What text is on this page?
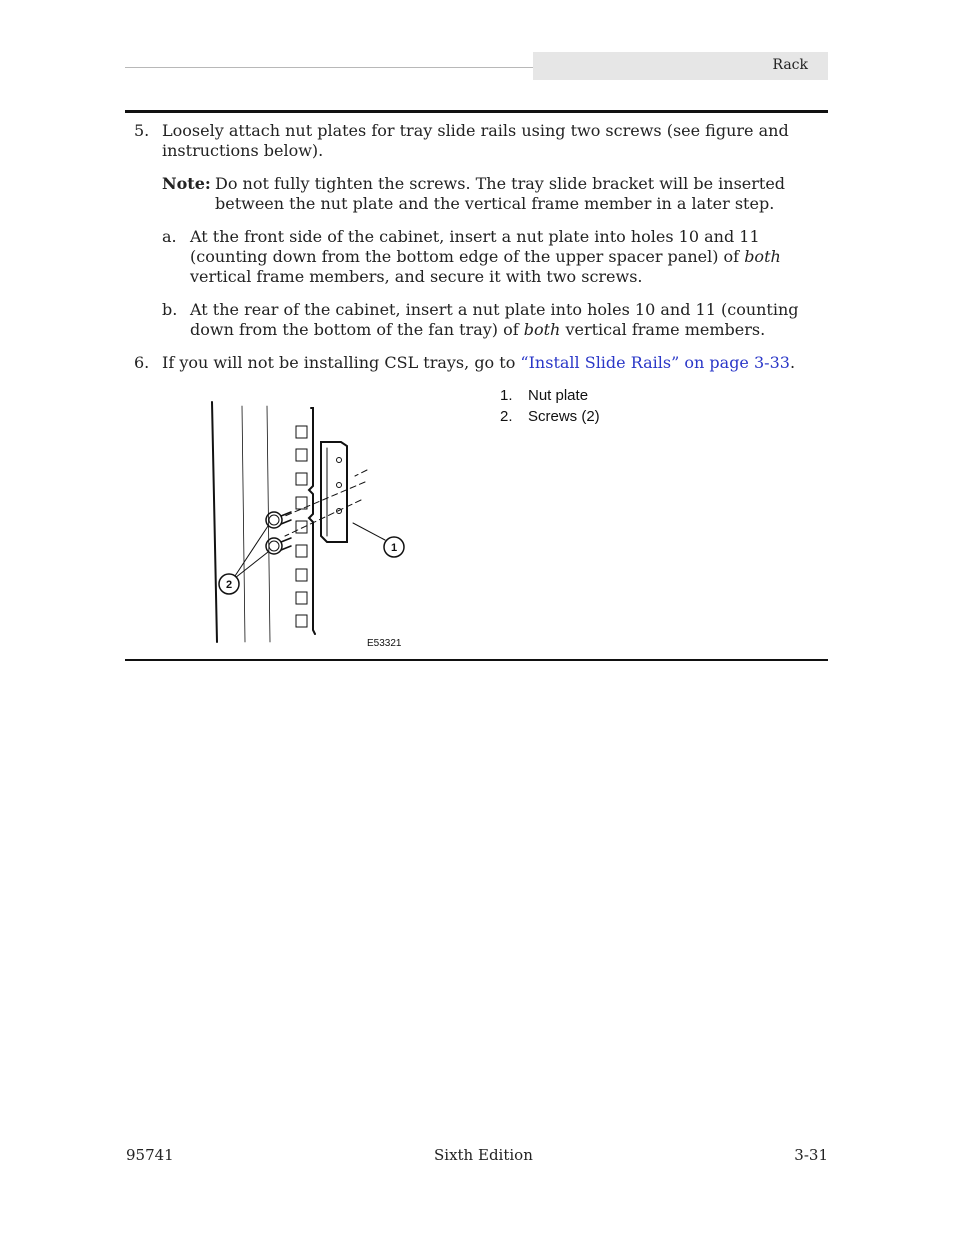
Rack
5. Loosely attach nut plates for tray slide rails using two screws (see figure and instructions below).
Note: Do not fully tighten the screws. The tray slide bracket will be inserted between the nut plate and the vertical frame member in a later step.
a. At the front side of the cabinet, insert a nut plate into holes 10 and 11 (counting down from the bottom edge of the upper spacer panel) of both vertical frame members, and secure it with two screws.
b. At the rear of the cabinet, insert a nut plate into holes 10 and 11 (counting down from the bottom of the fan tray) of both vertical frame members.
6. If you will not be installing CSL trays, go to “Install Slide Rails” on page 3-33.
1. Nut plate
2. Screws (2)
1
2
E53321
95741	Sixth Edition	3-31
